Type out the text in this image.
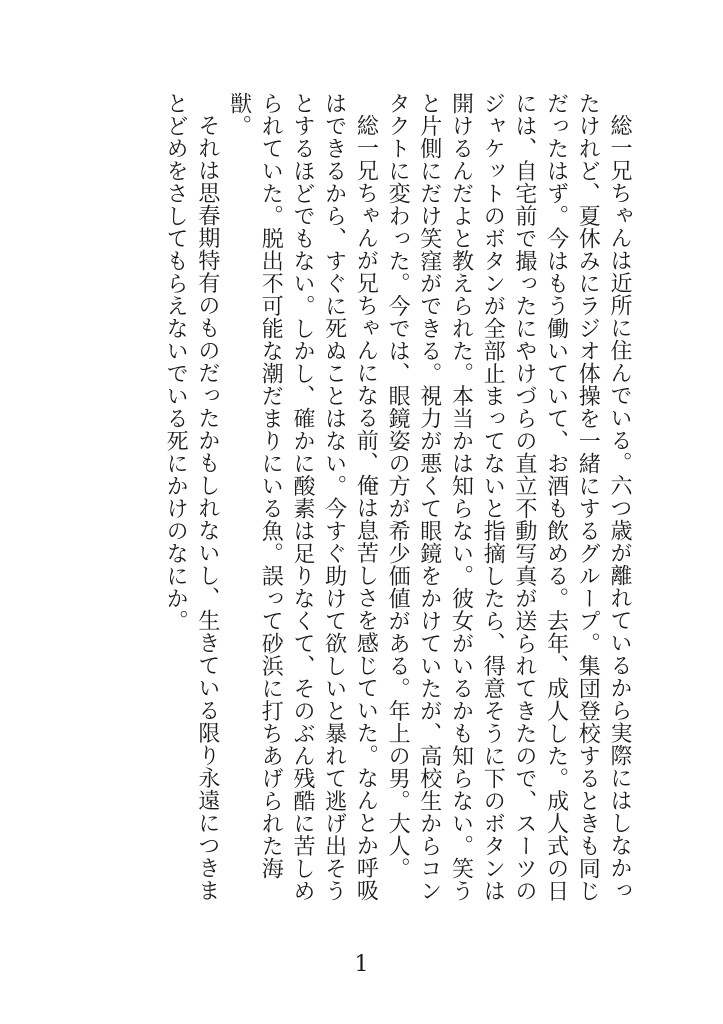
総一兄ちゃんは近所に住んでいる。六つ歳が離れているから実際にはしなかったけれど、夏休みにラジオ体操を一緒にするグループ。集団登校するときも同じだったはず。今はもう働いていて、お酒も飲める。去年、成人した。成人式の日には、自宅前で撮ったにやけづらの直立不動写真が送られてきたので、スーツのジャケットのボタンが全部止まってないと指摘したら、得意そうに下のボタンは開けるんだよと教えられた。本当かは知らない。彼女がいるかも知らない。笑うと片側にだけ笑窪ができる。視力が悪くて眼鏡をかけていたが、高校生からコンタクトに変わった。今では、眼鏡姿の方が希少価値がある。年上の男。大人。

総一兄ちゃんが兄ちゃんになる前、俺は息苦しさを感じていた。なんとか呼吸はできるから、すぐに死ぬことはない。今すぐ助けて欲しいと暴れて逃げ出そうとするほどでもない。しかし、確かに酸素は足りなくて、そのぶん残酷に苦しめられていた。脱出不可能な潮だまりにいる魚。誤って砂浜に打ちあげられた海獣。

それは思春期特有のものだったかもしれないし、生きている限り永遠につきまとどめをさしてもらえないでいる死にかけのなにか。

1
